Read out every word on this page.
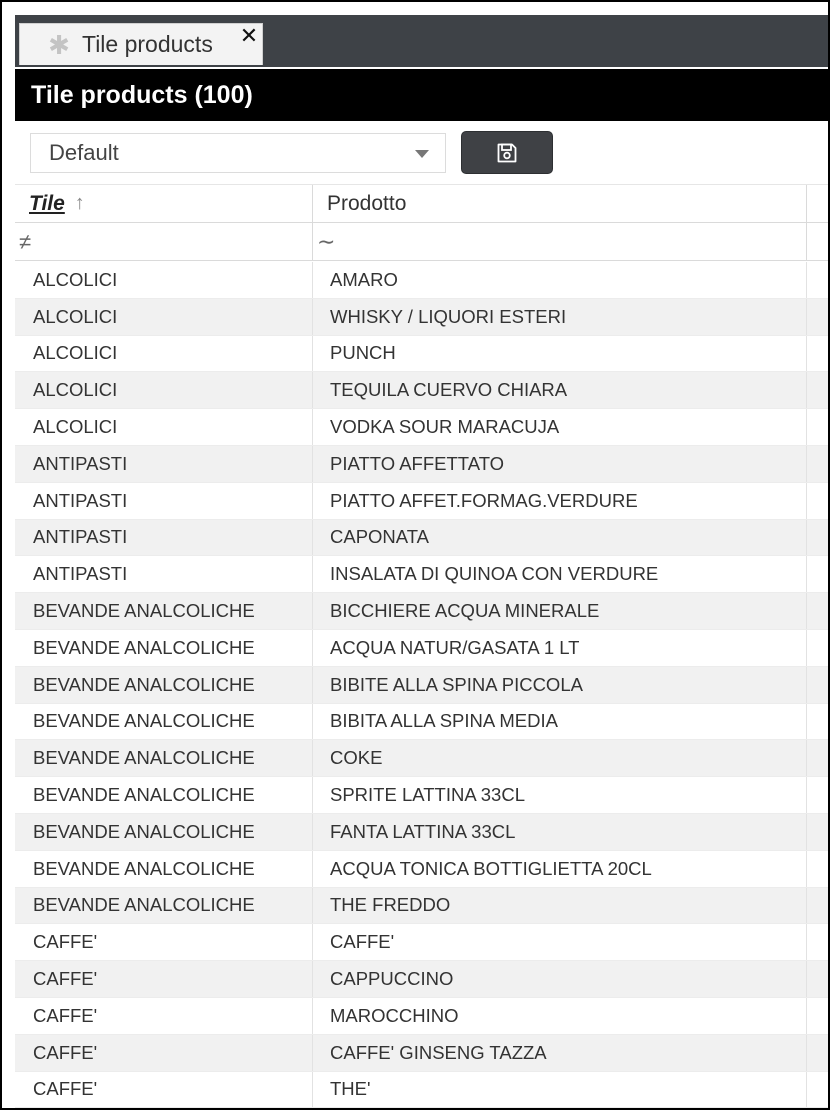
✱ Tile products ✕
Tile products (100)
Default
Tile ↑	Prodotto
≠	∼
ALCOLICI	AMARO
ALCOLICI	WHISKY / LIQUORI ESTERI
ALCOLICI	PUNCH
ALCOLICI	TEQUILA CUERVO CHIARA
ALCOLICI	VODKA SOUR MARACUJA
ANTIPASTI	PIATTO AFFETTATO
ANTIPASTI	PIATTO AFFET.FORMAG.VERDURE
ANTIPASTI	CAPONATA
ANTIPASTI	INSALATA DI QUINOA CON VERDURE
BEVANDE ANALCOLICHE	BICCHIERE ACQUA MINERALE
BEVANDE ANALCOLICHE	ACQUA NATUR/GASATA 1 LT
BEVANDE ANALCOLICHE	BIBITE ALLA SPINA PICCOLA
BEVANDE ANALCOLICHE	BIBITA ALLA SPINA MEDIA
BEVANDE ANALCOLICHE	COKE
BEVANDE ANALCOLICHE	SPRITE LATTINA 33CL
BEVANDE ANALCOLICHE	FANTA LATTINA 33CL
BEVANDE ANALCOLICHE	ACQUA TONICA BOTTIGLIETTA 20CL
BEVANDE ANALCOLICHE	THE FREDDO
CAFFE'	CAFFE'
CAFFE'	CAPPUCCINO
CAFFE'	MAROCCHINO
CAFFE'	CAFFE' GINSENG TAZZA
CAFFE'	THE'
